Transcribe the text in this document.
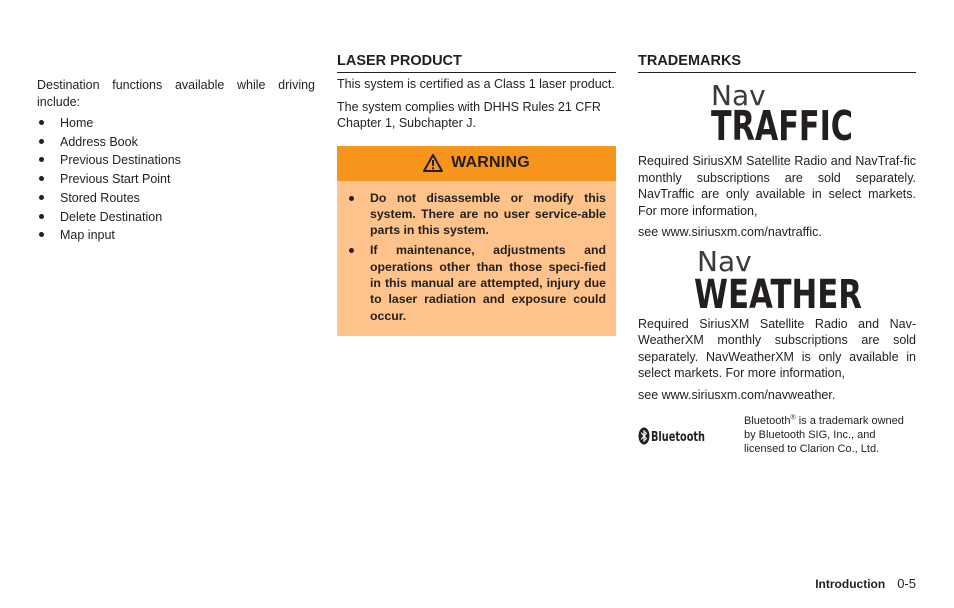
Destination functions available while driving include:

Home
Address Book
Previous Destinations
Previous Start Point
Stored Routes
Delete Destination
Map input
LASER PRODUCT

This system is certified as a Class 1 laser product.

The system complies with DHHS Rules 21 CFR Chapter 1, Subchapter J.

WARNING
Do not disassemble or modify this system. There are no user service-able parts in this system.
If maintenance, adjustments and operations other than those speci-fied in this manual are attempted, injury due to laser radiation and exposure could occur.
TRADEMARKS
Nav
TRAFFIC

Required SiriusXM Satellite Radio and NavTraf-fic monthly subscriptions are sold separately. NavTraffic are only available in select markets. For more information,

see www.siriusxm.com/navtraffic.

Nav
WEATHER

Required SiriusXM Satellite Radio and Nav-WeatherXM monthly subscriptions are sold separately. NavWeatherXM is only available in select markets. For more information,

see www.siriusxm.com/navweather.

Bluetooth
Bluetooth® is a trademark owned by Bluetooth SIG, Inc., and licensed to Clarion Co., Ltd.
Introduction 0-5
